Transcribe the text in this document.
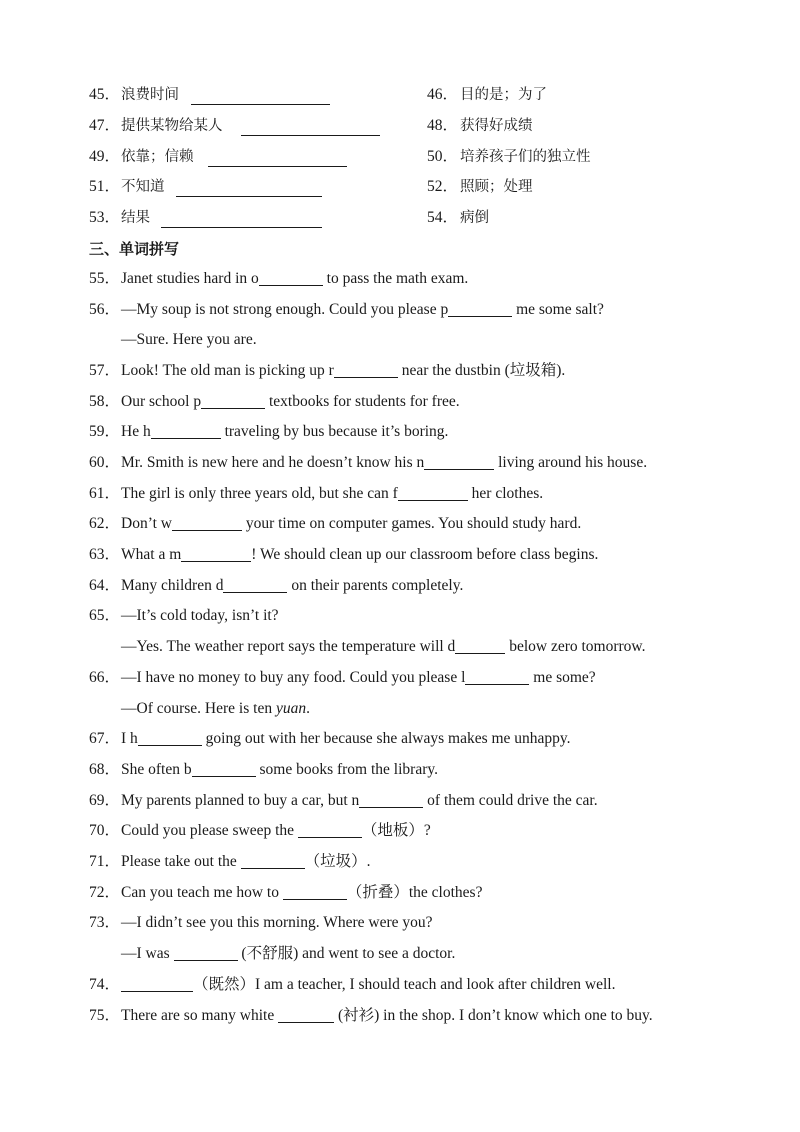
45． 浪费时间	46． 目的是；为了
47． 提供某物给某人	48． 获得好成绩
49． 依靠；信赖	50． 培养孩子们的独立性
51． 不知道	52． 照顾；处理
53． 结果	54． 病倒
三、单词拼写
55． Janet studies hard in o	to pass the math exam.
56． —My soup is not strong enough. Could you please p	me some salt?
—Sure. Here you are.
57． Look! The old man is picking up r	near the dustbin (垃圾箱).
58． Our school p	textbooks for students for free.
59． He h	traveling by bus because it’s boring.
60． Mr. Smith is new here and he doesn’t know his n	living around his house.
61． The girl is only three years old, but she can f	her clothes.
62． Don’t w	your time on computer games. You should study hard.
63． What a m	! We should clean up our classroom before class begins.
64． Many children d	on their parents completely.
65． —It’s cold today, isn’t it?
—Yes. The weather report says the temperature will d	below zero tomorrow.
66． —I have no money to buy any food. Could you please l	me some?
—Of course. Here is ten yuan.
67． I h	going out with her because she always makes me unhappy.
68． She often b	some books from the library.
69． My parents planned to buy a car, but n	of them could drive the car.
70． Could you please sweep the	（地板）?
71． Please take out the	（垃圾）.
72． Can you teach me how to	（折叠）the clothes?
73． —I didn’t see you this morning. Where were you?
—I was	(不舒服) and went to see a doctor.
74．	（既然）I am a teacher, I should teach and look after children well.
75． There are so many white	(衬衫) in the shop. I don’t know which one to buy.
